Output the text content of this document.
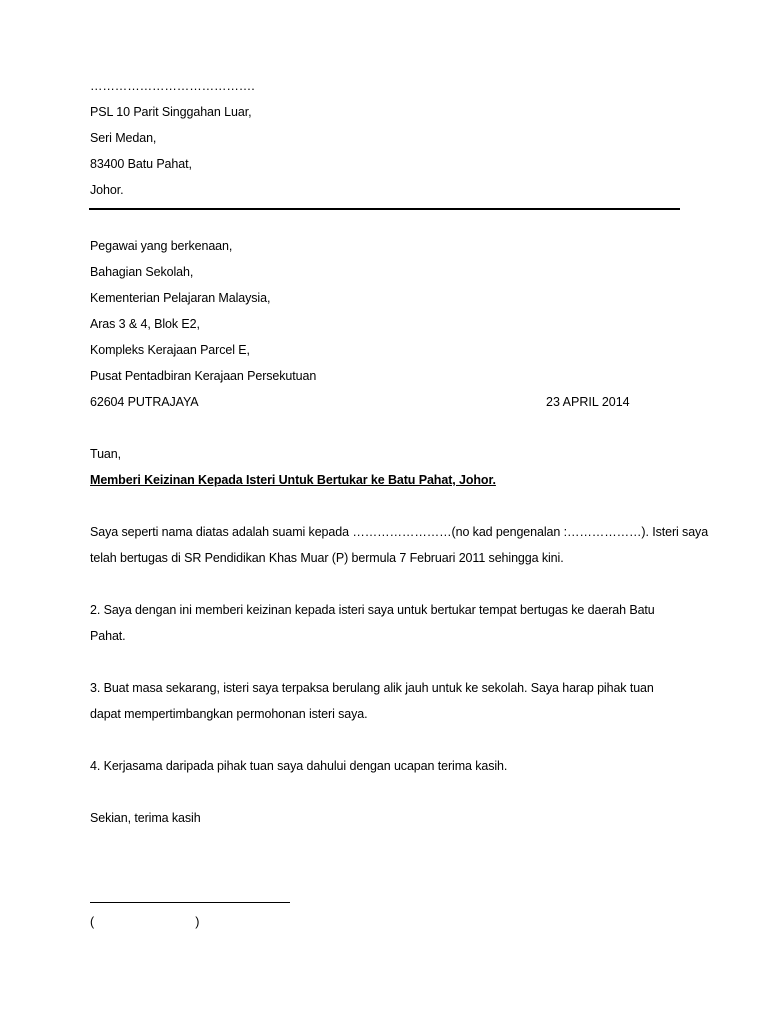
………………………………….
PSL 10 Parit Singgahan Luar,
Seri Medan,
83400 Batu Pahat,
Johor.
Pegawai yang berkenaan,
Bahagian Sekolah,
Kementerian Pelajaran Malaysia,
Aras 3 & 4, Blok E2,
Kompleks Kerajaan Parcel E,
Pusat Pentadbiran Kerajaan Persekutuan
62604 PUTRAJAYA	23 APRIL 2014
Tuan,
Memberi Keizinan Kepada Isteri Untuk Bertukar ke Batu Pahat, Johor.
Saya seperti nama diatas adalah suami kepada ……………………(no kad pengenalan :………………). Isteri saya
telah bertugas di SR Pendidikan Khas Muar (P) bermula 7 Februari 2011 sehingga kini.
2. Saya dengan ini memberi keizinan kepada isteri saya untuk bertukar tempat bertugas ke daerah Batu
Pahat.
3. Buat masa sekarang, isteri saya terpaksa berulang alik jauh untuk ke sekolah. Saya harap pihak tuan
dapat mempertimbangkan permohonan isteri saya.
4. Kerjasama daripada pihak tuan saya dahului dengan ucapan terima kasih.
Sekian, terima kasih
(                              )
